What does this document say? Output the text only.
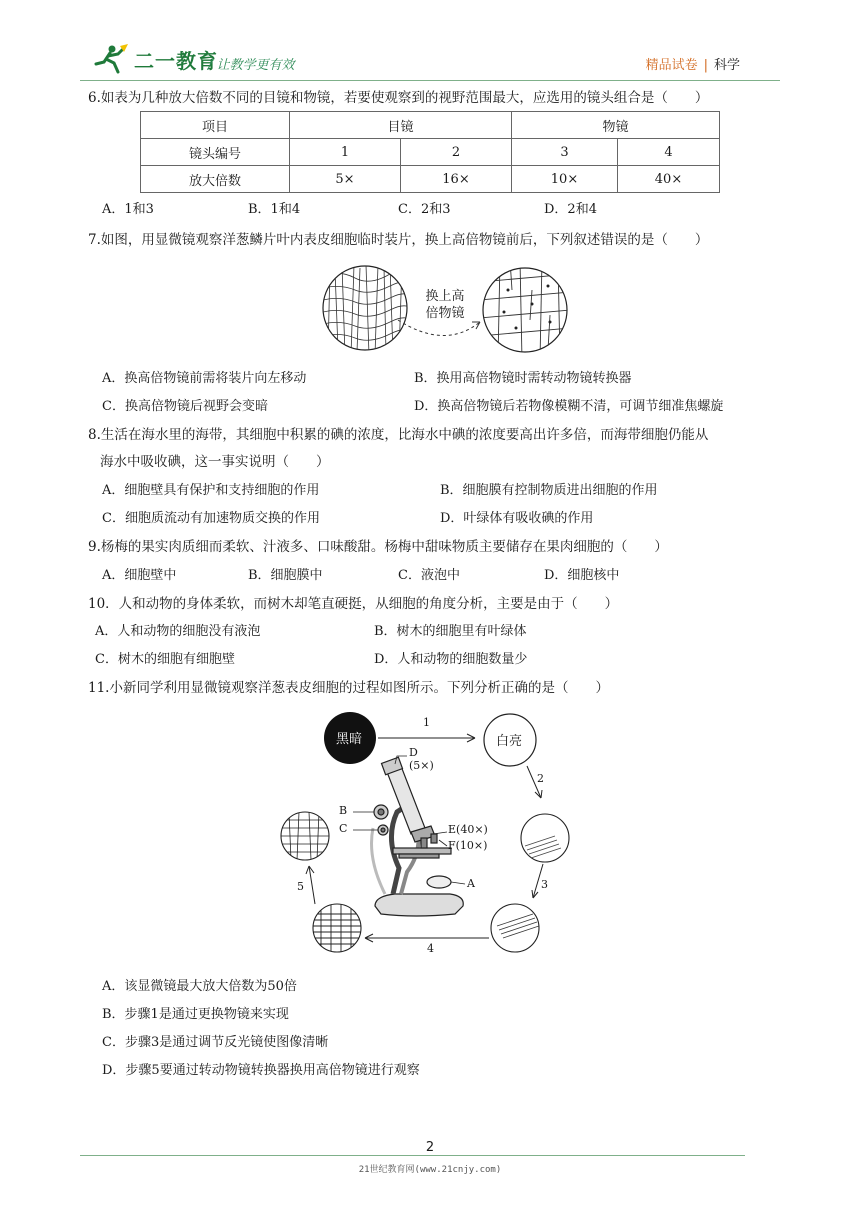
二一教育
/ 让教学更有效	精品试卷 | 科学
6.如表为几种放大倍数不同的目镜和物镜，若要使观察到的视野范围最大，应选用的镜头组合是（　　）
项目	目镜		物镜	
镜头编号	1	2	3	4
放大倍数	5×	16×	10×	40×
A．1和3	B．1和4	C．2和3	D．2和4
7.如图，用显微镜观察洋葱鳞片叶内表皮细胞临时装片，换上高倍物镜前后，下列叙述错误的是（　　）
换上高
倍物镜
A．换高倍物镜前需将装片向左移动	B．换用高倍物镜时需转动物镜转换器
C．换高倍物镜后视野会变暗	D．换高倍物镜后若物像模糊不清，可调节细准焦螺旋
8.生活在海水里的海带，其细胞中积累的碘的浓度，比海水中碘的浓度要高出许多倍，而海带细胞仍能从
海水中吸收碘，这一事实说明（　　）
A．细胞壁具有保护和支持细胞的作用	B．细胞膜有控制物质进出细胞的作用
C．细胞质流动有加速物质交换的作用	D．叶绿体有吸收碘的作用
9.杨梅的果实肉质细而柔软、汁液多、口味酸甜。杨梅中甜味物质主要储存在果肉细胞的（　　）
A．细胞壁中	B．细胞膜中	C．液泡中	D．细胞核中
10．人和动物的身体柔软，而树木却笔直硬挺，从细胞的角度分析，主要是由于（　　）
A．人和动物的细胞没有液泡	B．树木的细胞里有叶绿体
C．树木的细胞有细胞壁	D．人和动物的细胞数量少
11.小新同学利用显微镜观察洋葱表皮细胞的过程如图所示。下列分析正确的是（　　）
黑暗	白亮
1
2
3
4
5
D
(5×)
B
C	E(40×)
F(10×)
A
A．该显微镜最大放大倍数为50倍
B．步骤1是通过更换物镜来实现
C．步骤3是通过调节反光镜使图像清晰
D．步骤5要通过转动物镜转换器换用高倍物镜进行观察
2
21世纪教育网(www.21cnjy.com)
